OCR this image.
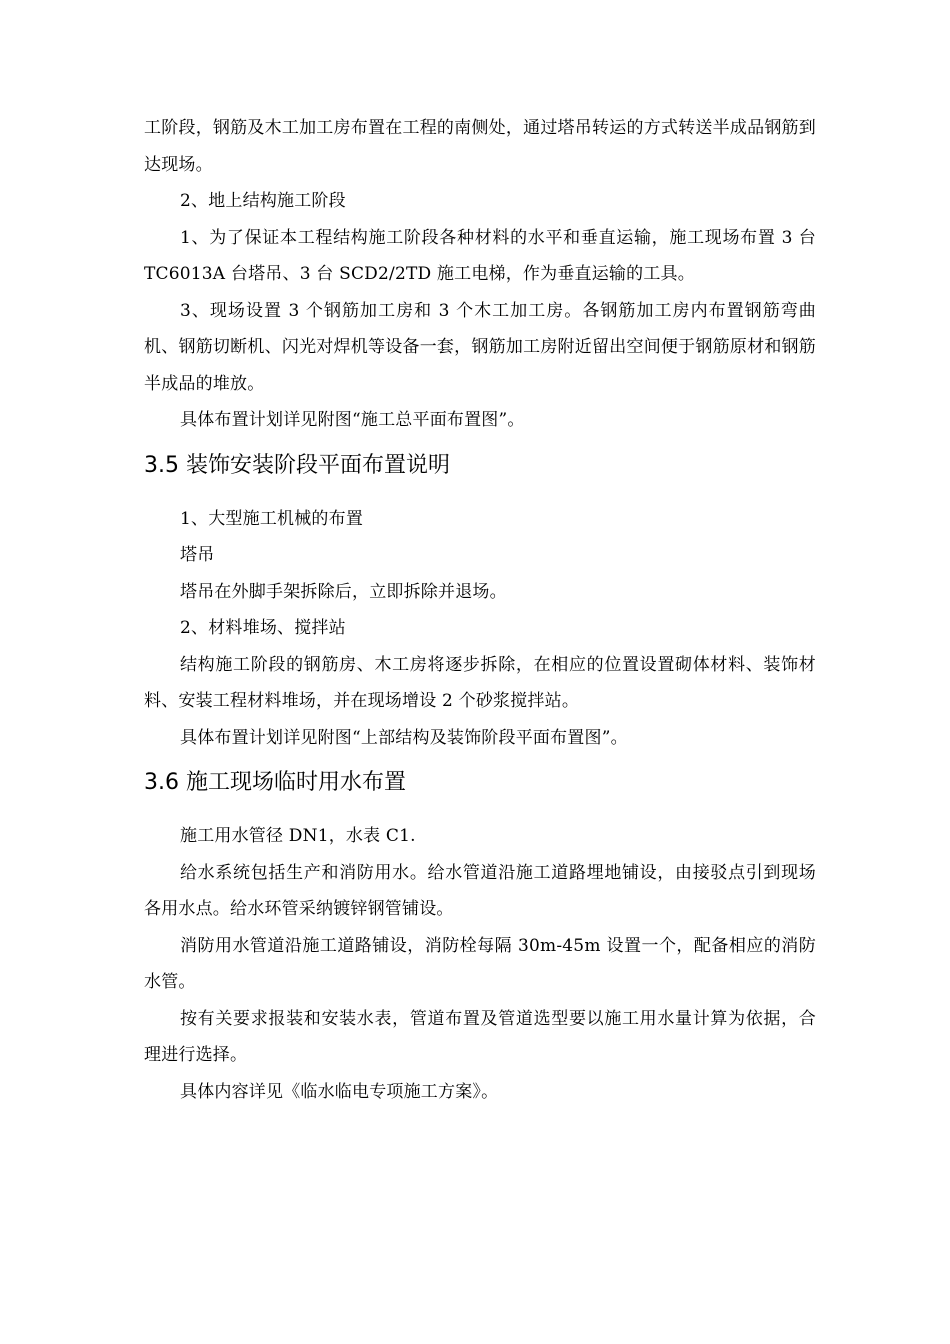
工阶段，钢筋及木工加工房布置在工程的南侧处，通过塔吊转运的方式转送半成品钢筋到达现场。

2、地上结构施工阶段

1、为了保证本工程结构施工阶段各种材料的水平和垂直运输，施工现场布置 3 台 TC6013A 台塔吊、3 台 SCD2/2TD 施工电梯，作为垂直运输的工具。

3、现场设置 3 个钢筋加工房和 3 个木工加工房。各钢筋加工房内布置钢筋弯曲机、钢筋切断机、闪光对焊机等设备一套，钢筋加工房附近留出空间便于钢筋原材和钢筋半成品的堆放。

具体布置计划详见附图“施工总平面布置图”。

3.5 装饰安装阶段平面布置说明

1、大型施工机械的布置

塔吊

塔吊在外脚手架拆除后，立即拆除并退场。

2、材料堆场、搅拌站

结构施工阶段的钢筋房、木工房将逐步拆除，在相应的位置设置砌体材料、装饰材料、安装工程材料堆场，并在现场增设 2 个砂浆搅拌站。

具体布置计划详见附图“上部结构及装饰阶段平面布置图”。

3.6 施工现场临时用水布置

施工用水管径 DN1，水表 C1.

给水系统包括生产和消防用水。给水管道沿施工道路埋地铺设，由接驳点引到现场各用水点。给水环管采纳镀锌钢管铺设。

消防用水管道沿施工道路铺设，消防栓每隔 30m-45m 设置一个，配备相应的消防水管。

按有关要求报装和安装水表，管道布置及管道选型要以施工用水量计算为依据，合理进行选择。

具体内容详见《临水临电专项施工方案》。
